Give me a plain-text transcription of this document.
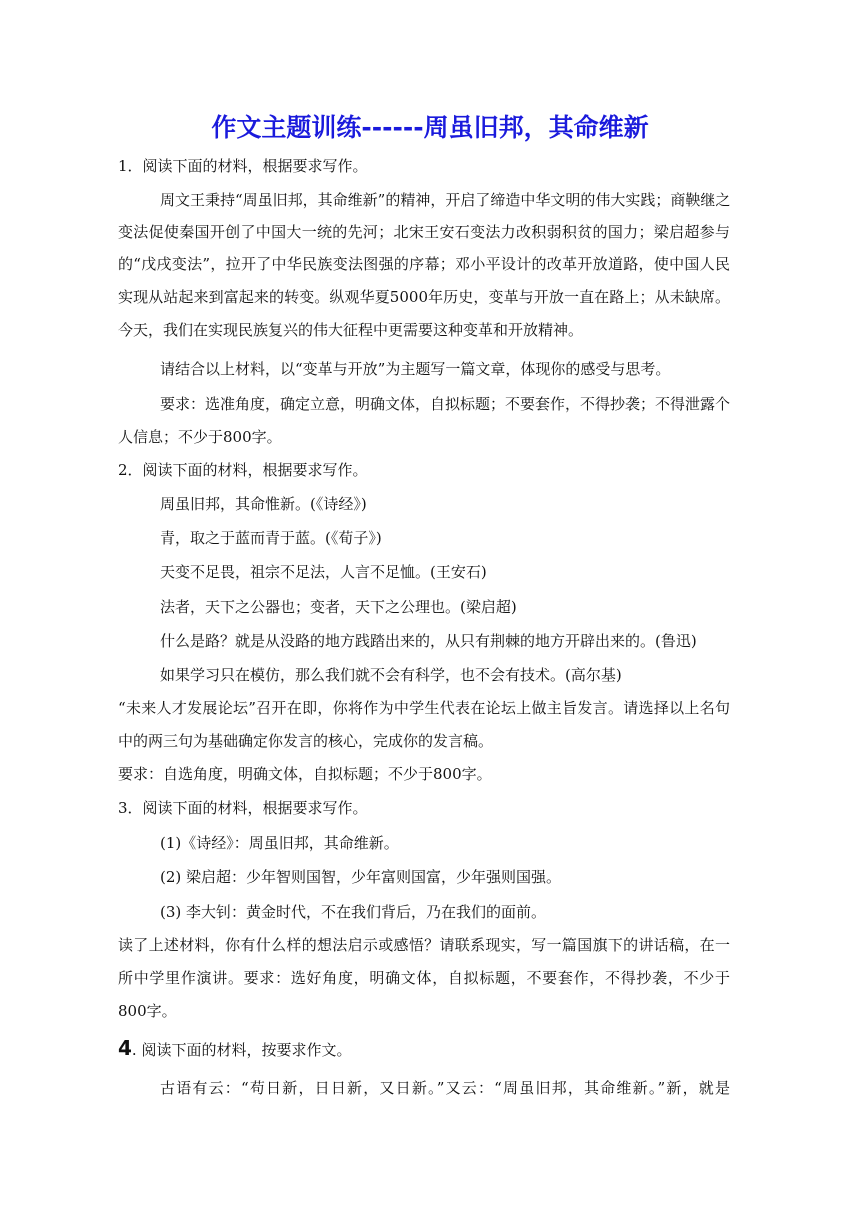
作文主题训练------周虽旧邦，其命维新
1．阅读下面的材料，根据要求写作。
周文王秉持“周虽旧邦，其命维新”的精神，开启了缔造中华文明的伟大实践；商鞅继之
变法促使秦国开创了中国大一统的先河；北宋王安石变法力改积弱积贫的国力；梁启超参与
的“戊戌变法”，拉开了中华民族变法图强的序幕；邓小平设计的改革开放道路，使中国人民
实现从站起来到富起来的转变。纵观华夏5000年历史，变革与开放一直在路上；从未缺席。
今天，我们在实现民族复兴的伟大征程中更需要这种变革和开放精神。
请结合以上材料，以“变革与开放”为主题写一篇文章，体现你的感受与思考。
要求：选准角度，确定立意，明确文体，自拟标题；不要套作，不得抄袭；不得泄露个
人信息；不少于800字。
2．阅读下面的材料，根据要求写作。
周虽旧邦，其命惟新。(《诗经》)
青，取之于蓝而青于蓝。(《荀子》)
天变不足畏，祖宗不足法，人言不足恤。(王安石)
法者，天下之公器也；变者，天下之公理也。(梁启超)
什么是路？就是从没路的地方践踏出来的，从只有荆棘的地方开辟出来的。(鲁迅)
如果学习只在模仿，那么我们就不会有科学，也不会有技术。(高尔基)
“未来人才发展论坛”召开在即，你将作为中学生代表在论坛上做主旨发言。请选择以上名句
中的两三句为基础确定你发言的核心，完成你的发言稿。
要求：自选角度，明确文体，自拟标题；不少于800字。
3．阅读下面的材料，根据要求写作。
(1)《诗经》：周虽旧邦，其命维新。
(2) 梁启超：少年智则国智，少年富则国富，少年强则国强。
(3) 李大钊：黄金时代，不在我们背后，乃在我们的面前。
读了上述材料，你有什么样的想法启示或感悟？请联系现实，写一篇国旗下的讲话稿，在一
所中学里作演讲。要求：选好角度，明确文体，自拟标题，不要套作，不得抄袭，不少于
800字。
4. 阅读下面的材料，按要求作文。
古语有云：“苟日新，日日新，又日新。”又云：“周虽旧邦，其命维新。”新，就是
